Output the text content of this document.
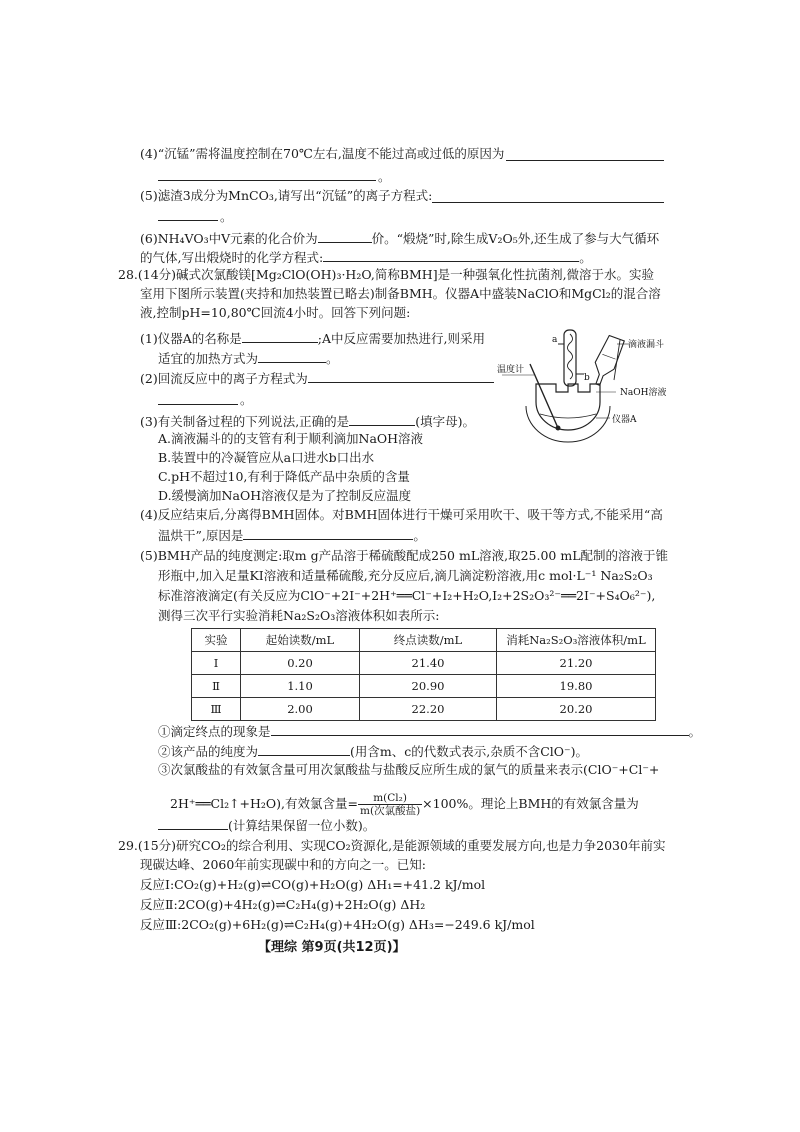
(4)“沉锰”需将温度控制在70℃左右,温度不能过高或过低的原因为
。
(5)滤渣3成分为MnCO₃,请写出“沉锰”的离子方程式:
。
(6)NH₄VO₃中V元素的化合价为	价。“煅烧”时,除生成V₂O₅外,还生成了参与大气循环
的气体,写出煅烧时的化学方程式:	。
28.(14分)碱式次氯酸镁[Mg₂ClO(OH)₃·H₂O,简称BMH]是一种强氧化性抗菌剂,微溶于水。实验
室用下图所示装置(夹持和加热装置已略去)制备BMH。仪器A中盛装NaClO和MgCl₂的混合溶
液,控制pH=10,80℃回流4小时。回答下列问题:
(1)仪器A的名称是	;A中反应需要加热进行,则采用
适宜的加热方式为	。
(2)回流反应中的离子方程式为
。
(3)有关制备过程的下列说法,正确的是	(填字母)。
A.滴液漏斗的的支管有利于顺利滴加NaOH溶液
B.装置中的冷凝管应从a口进水b口出水
C.pH不超过10,有利于降低产品中杂质的含量
D.缓慢滴加NaOH溶液仅是为了控制反应温度
滴液漏斗
温度计
NaOH溶液
仪器A
a
b
(4)反应结束后,分离得BMH固体。对BMH固体进行干燥可采用吹干、吸干等方式,不能采用“高
温烘干”,原因是	。
(5)BMH产品的纯度测定:取m g产品溶于稀硫酸配成250 mL溶液,取25.00 mL配制的溶液于锥
形瓶中,加入足量KI溶液和适量稀硫酸,充分反应后,滴几滴淀粉溶液,用c mol·L⁻¹ Na₂S₂O₃
标准溶液滴定(有关反应为ClO⁻+2I⁻+2H⁺══Cl⁻+I₂+H₂O,I₂+2S₂O₃²⁻══2I⁻+S₄O₆²⁻),
测得三次平行实验消耗Na₂S₂O₃溶液体积如表所示:
实验	起始读数/mL	终点读数/mL	消耗Na₂S₂O₃溶液体积/mL
Ⅰ	0.20	21.40	21.20
Ⅱ	1.10	20.90	19.80
Ⅲ	2.00	22.20	20.20
①滴定终点的现象是	。
②该产品的纯度为	(用含m、c的代数式表示,杂质不含ClO⁻)。
③次氯酸盐的有效氯含量可用次氯酸盐与盐酸反应所生成的氯气的质量来表示(ClO⁻+Cl⁻+
2H⁺══Cl₂↑+H₂O),有效氯含量= $\frac{\text{m(Cl₂)}}{\text{m(次氯酸盐)}} \times 100\%$。理论上BMH的有效氯含量为
(计算结果保留一位小数)。
29.(15分)研究CO₂的综合利用、实现CO₂资源化,是能源领域的重要发展方向,也是力争2030年前实
现碳达峰、2060年前实现碳中和的方向之一。已知:
反应Ⅰ:CO₂(g)+H₂(g)⇌CO(g)+H₂O(g) ΔH₁=+41.2 kJ/mol
反应Ⅱ:2CO(g)+4H₂(g)⇌C₂H₄(g)+2H₂O(g) ΔH₂
反应Ⅲ:2CO₂(g)+6H₂(g)⇌C₂H₄(g)+4H₂O(g) ΔH₃=−249.6 kJ/mol
【理综 第9页(共12页)】
